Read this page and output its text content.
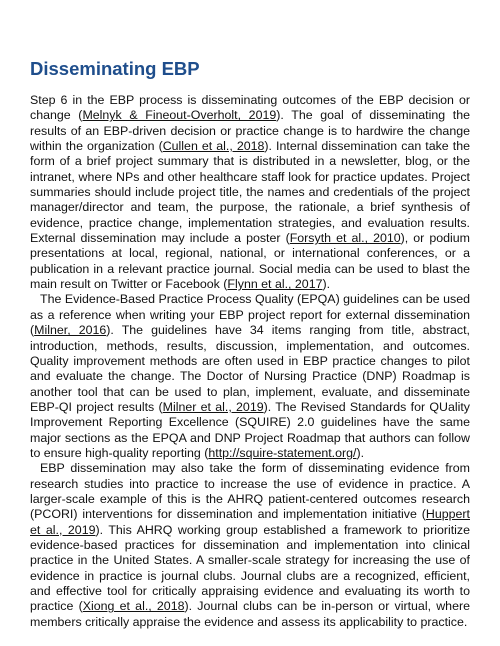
Disseminating EBP

Step 6 in the EBP process is disseminating outcomes of the EBP decision or change (Melnyk & Fineout-Overholt, 2019). The goal of disseminating the results of an EBP-driven decision or practice change is to hardwire the change within the organization (Cullen et al., 2018). Internal dissemination can take the form of a brief project summary that is distributed in a newsletter, blog, or the intranet, where NPs and other healthcare staff look for practice updates. Project summaries should include project title, the names and credentials of the project manager/director and team, the purpose, the rationale, a brief synthesis of evidence, practice change, implementation strategies, and evaluation results. External dissemination may include a poster (Forsyth et al., 2010), or podium presentations at local, regional, national, or international conferences, or a publication in a relevant practice journal. Social media can be used to blast the main result on Twitter or Facebook (Flynn et al., 2017).

The Evidence-Based Practice Process Quality (EPQA) guidelines can be used as a reference when writing your EBP project report for external dissemination (Milner, 2016). The guidelines have 34 items ranging from title, abstract, introduction, methods, results, discussion, implementation, and outcomes. Quality improvement methods are often used in EBP practice changes to pilot and evaluate the change. The Doctor of Nursing Practice (DNP) Roadmap is another tool that can be used to plan, implement, evaluate, and disseminate EBP-QI project results (Milner et al., 2019). The Revised Standards for QUality Improvement Reporting Excellence (SQUIRE) 2.0 guidelines have the same major sections as the EPQA and DNP Project Roadmap that authors can follow to ensure high-quality reporting (http://squire-statement.org/).

EBP dissemination may also take the form of disseminating evidence from research studies into practice to increase the use of evidence in practice. A larger-scale example of this is the AHRQ patient-centered outcomes research (PCORI) interventions for dissemination and implementation initiative (Huppert et al., 2019). This AHRQ working group established a framework to prioritize evidence-based practices for dissemination and implementation into clinical practice in the United States. A smaller-scale strategy for increasing the use of evidence in practice is journal clubs. Journal clubs are a recognized, efficient, and effective tool for critically appraising evidence and evaluating its worth to practice (Xiong et al., 2018). Journal clubs can be in-person or virtual, where members critically appraise the evidence and assess its applicability to practice.
